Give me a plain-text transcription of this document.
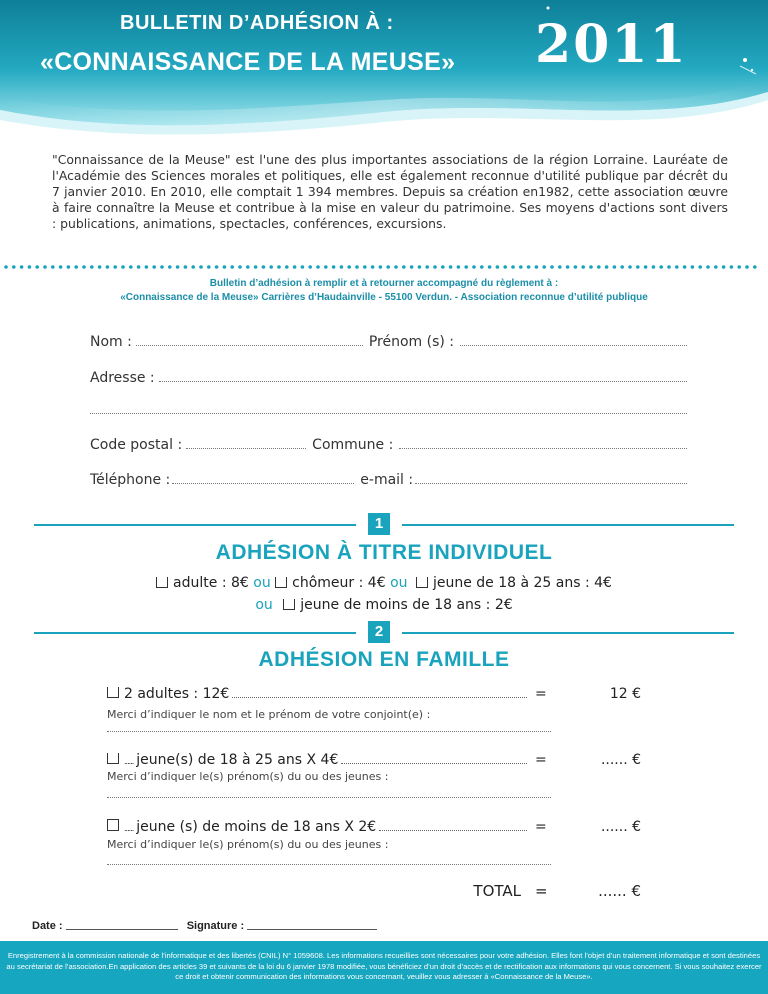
BULLETIN D’ADHÉSION À :
«CONNAISSANCE DE LA MEUSE» 2011
"Connaissance de la Meuse" est l'une des plus importantes associations de la région Lorraine. Lauréate de l'Académie des Sciences morales et politiques, elle est également reconnue d'utilité publique par décrêt du 7 janvier 2010. En 2010, elle comptait 1 394 membres. Depuis sa création en1982, cette association œuvre à faire connaître la Meuse et contribue à la mise en valeur du patrimoine. Ses moyens d'actions sont divers : publications, animations, spectacles, conférences, excursions.
Bulletin d’adhésion à remplir et à retourner accompagné du règlement à :
«Connaissance de la Meuse» Carrières d’Haudainville - 55100 Verdun. - Association reconnue d’utilité publique
Nom :	Prénom (s) :
Adresse :
Code postal :	Commune :
Téléphone :	e-mail :
1
ADHÉSION À TITRE INDIVIDUEL
adulte : 8€ ou chômeur : 4€ ou jeune de 18 à 25 ans : 4€
ou jeune de moins de 18 ans : 2€
2
ADHÉSION EN FAMILLE
2 adultes : 12€	=	12 €
Merci d’indiquer le nom et le prénom de votre conjoint(e) :
...... jeune(s) de 18 à 25 ans X 4€	=	...... €
Merci d’indiquer le(s) prénom(s) du ou des jeunes :
...... jeune (s) de moins de 18 ans X 2€	=	...... €
Merci d’indiquer le(s) prénom(s) du ou des jeunes :
TOTAL =	...... €
Date :	Signature :

Enregistrement à la commission nationale de l’informatique et des libertés (CNIL) N° 1059608. Les informations recueillies sont nécessaires pour votre adhésion. Elles font l’objet d’un traitement informatique et sont destinées au secrétariat de l’association.En application des articles 39 et suivants de la loi du 6 janvier 1978 modifiée, vous bénéficiez d’un droit d’accès et de rectification aux informations qui vous concernent. Si vous souhaitez exercer ce droit et obtenir communication des informations vous concernant, veuillez vous adresser à «Connaissance de la Meuse».
